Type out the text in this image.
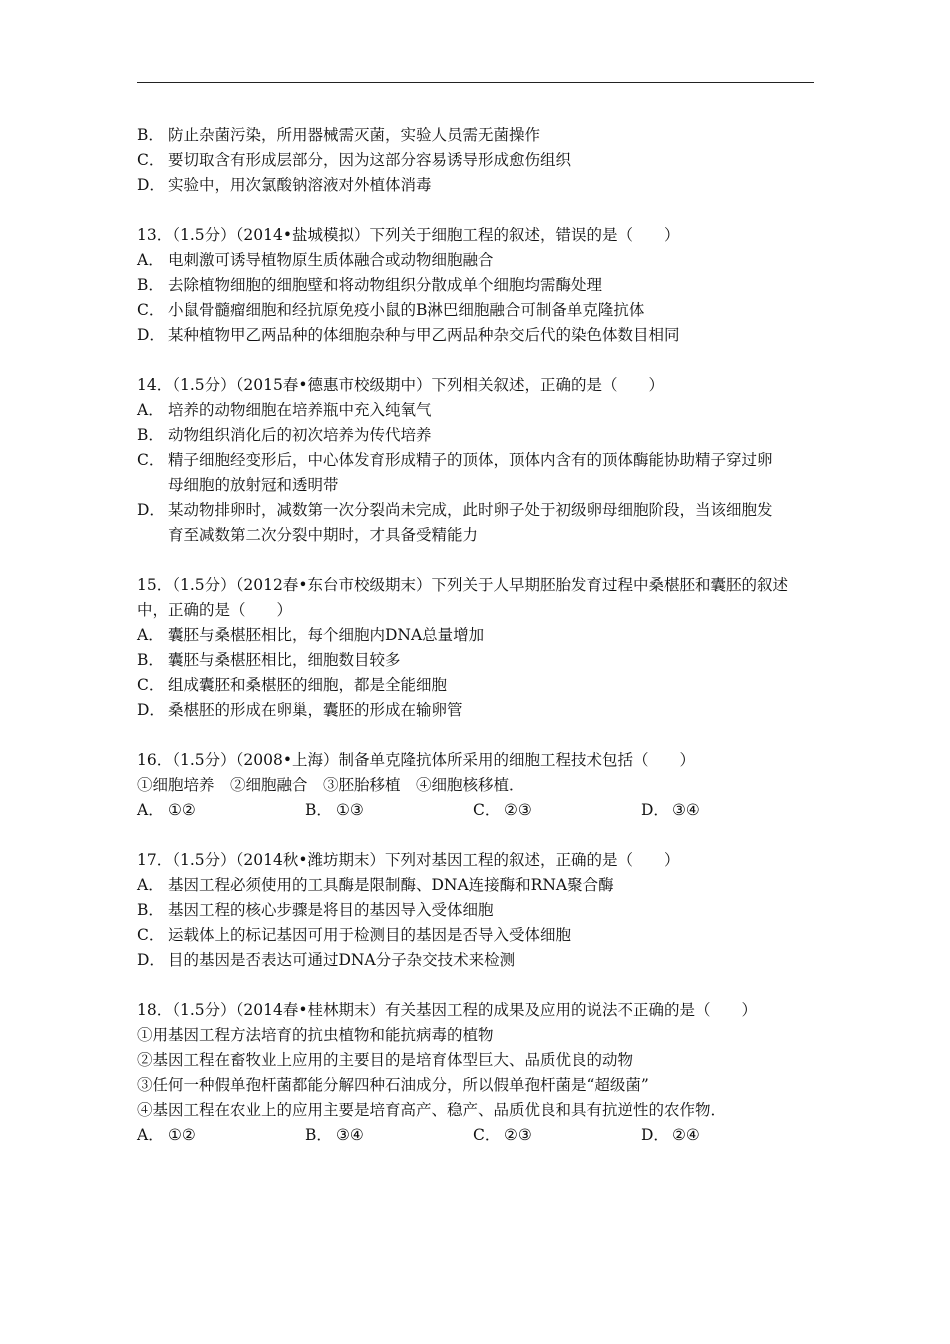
B． 防止杂菌污染，所用器械需灭菌，实验人员需无菌操作
C． 要切取含有形成层部分，因为这部分容易诱导形成愈伤组织
D． 实验中，用次氯酸钠溶液对外植体消毒
13．（1.5分）（2014•盐城模拟）下列关于细胞工程的叙述，错误的是（　　）
A． 电刺激可诱导植物原生质体融合或动物细胞融合
B． 去除植物细胞的细胞壁和将动物组织分散成单个细胞均需酶处理
C． 小鼠骨髓瘤细胞和经抗原免疫小鼠的B淋巴细胞融合可制备单克隆抗体
D． 某种植物甲乙两品种的体细胞杂种与甲乙两品种杂交后代的染色体数目相同
14．（1.5分）（2015春•德惠市校级期中）下列相关叙述，正确的是（　　）
A． 培养的动物细胞在培养瓶中充入纯氧气
B． 动物组织消化后的初次培养为传代培养
C． 精子细胞经变形后，中心体发育形成精子的顶体，顶体内含有的顶体酶能协助精子穿过卵
母细胞的放射冠和透明带
D． 某动物排卵时，减数第一次分裂尚未完成，此时卵子处于初级卵母细胞阶段，当该细胞发
育至减数第二次分裂中期时，才具备受精能力
15．（1.5分）（2012春•东台市校级期末）下列关于人早期胚胎发育过程中桑椹胚和囊胚的叙述
中，正确的是（　　）
A． 囊胚与桑椹胚相比，每个细胞内DNA总量增加
B． 囊胚与桑椹胚相比，细胞数目较多
C． 组成囊胚和桑椹胚的细胞，都是全能细胞
D． 桑椹胚的形成在卵巢，囊胚的形成在输卵管
16．（1.5分）（2008•上海）制备单克隆抗体所采用的细胞工程技术包括（　　）
①细胞培养　②细胞融合　③胚胎移植　④细胞核移植．
A． ①②	B． ①③	C． ②③	D． ③④
17．（1.5分）（2014秋•潍坊期末）下列对基因工程的叙述，正确的是（　　）
A． 基因工程必须使用的工具酶是限制酶、DNA连接酶和RNA聚合酶
B． 基因工程的核心步骤是将目的基因导入受体细胞
C． 运载体上的标记基因可用于检测目的基因是否导入受体细胞
D． 目的基因是否表达可通过DNA分子杂交技术来检测
18．（1.5分）（2014春•桂林期末）有关基因工程的成果及应用的说法不正确的是（　　）
①用基因工程方法培育的抗虫植物和能抗病毒的植物
②基因工程在畜牧业上应用的主要目的是培育体型巨大、品质优良的动物
③任何一种假单孢杆菌都能分解四种石油成分，所以假单孢杆菌是“超级菌”
④基因工程在农业上的应用主要是培育高产、稳产、品质优良和具有抗逆性的农作物．
A． ①②	B． ③④	C． ②③	D． ②④
